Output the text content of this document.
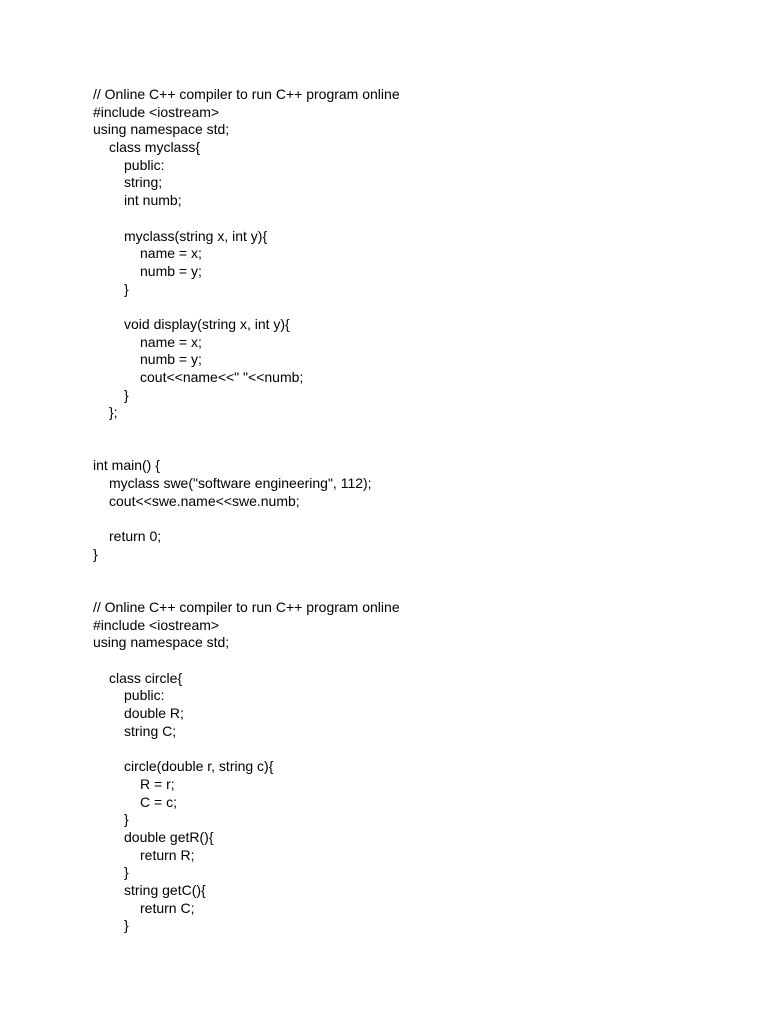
// Online C++ compiler to run C++ program online
#include <iostream>
using namespace std;
class myclass{
public:
string;
int numb;
myclass(string x, int y){
name = x;
numb = y;
}
void display(string x, int y){
name = x;
numb = y;
cout<<name<<" "<<numb;
}
};
int main() {
myclass swe("software engineering", 112);
cout<<swe.name<<swe.numb;
return 0;
}
// Online C++ compiler to run C++ program online
#include <iostream>
using namespace std;
class circle{
public:
double R;
string C;
circle(double r, string c){
R = r;
C = c;
}
double getR(){
return R;
}
string getC(){
return C;
}
